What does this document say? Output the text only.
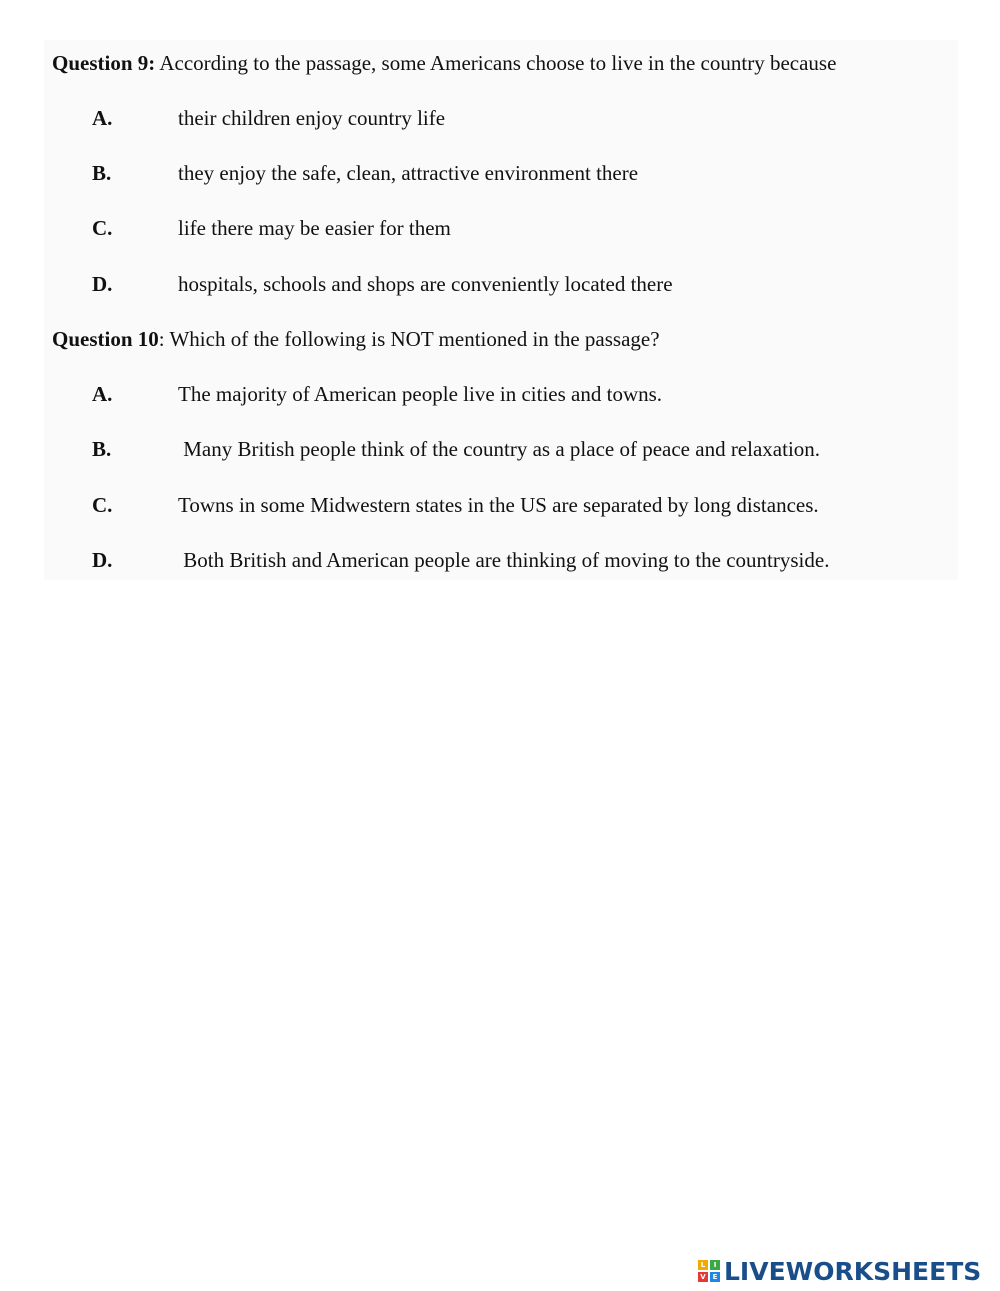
Question 9: According to the passage, some Americans choose to live in the country because
A.	their children enjoy country life
B.	they enjoy the safe, clean, attractive environment there
C.	life there may be easier for them
D.	hospitals, schools and shops are conveniently located there
Question 10: Which of the following is NOT mentioned in the passage?
A.	The majority of American people live in cities and towns.
B.	Many British people think of the country as a place of peace and relaxation.
C.	Towns in some Midwestern states in the US are separated by long distances.
D.	Both British and American people are thinking of moving to the countryside.
L	I
V E LIVEWORKSHEETS
